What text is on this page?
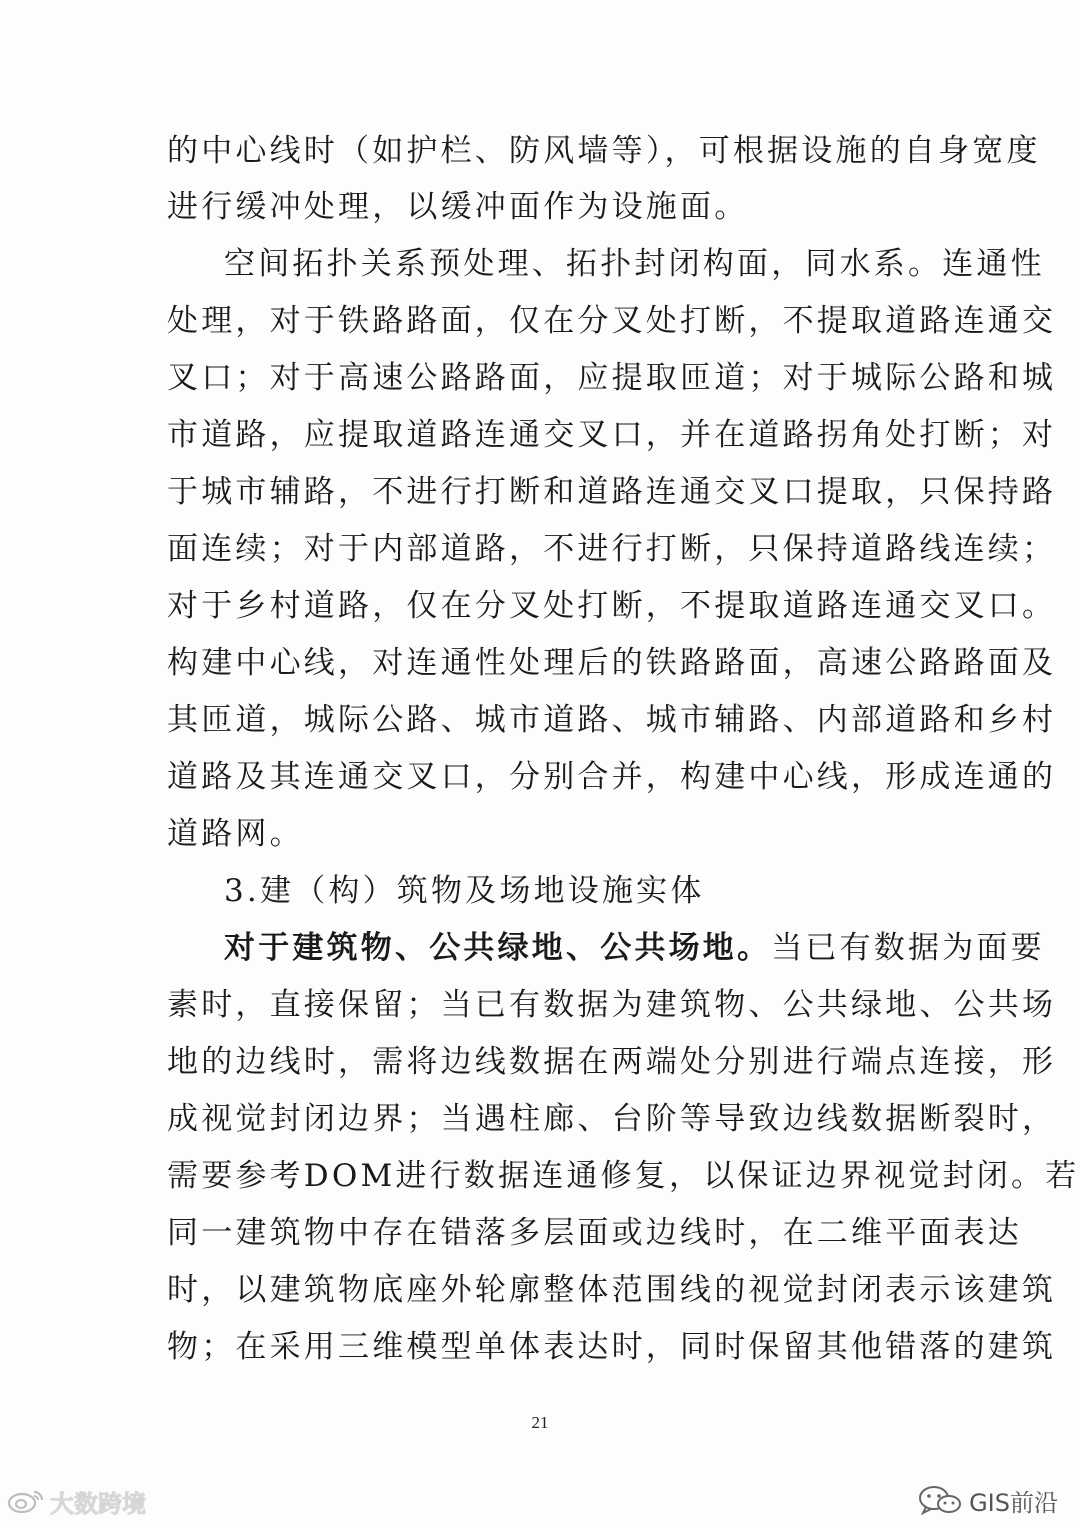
的中心线时（如护栏、防风墙等），可根据设施的自身宽度
进行缓冲处理，以缓冲面作为设施面。
空间拓扑关系预处理、拓扑封闭构面，同水系。连通性
处理，对于铁路路面，仅在分叉处打断，不提取道路连通交
叉口；对于高速公路路面，应提取匝道；对于城际公路和城
市道路，应提取道路连通交叉口，并在道路拐角处打断；对
于城市辅路，不进行打断和道路连通交叉口提取，只保持路
面连续；对于内部道路，不进行打断，只保持道路线连续；
对于乡村道路，仅在分叉处打断，不提取道路连通交叉口。
构建中心线，对连通性处理后的铁路路面，高速公路路面及
其匝道，城际公路、城市道路、城市辅路、内部道路和乡村
道路及其连通交叉口，分别合并，构建中心线，形成连通的
道路网。
3.建（构）筑物及场地设施实体
对于建筑物、公共绿地、公共场地。当已有数据为面要
素时，直接保留；当已有数据为建筑物、公共绿地、公共场
地的边线时，需将边线数据在两端处分别进行端点连接，形
成视觉封闭边界；当遇柱廊、台阶等导致边线数据断裂时，
需要参考DOM进行数据连通修复，以保证边界视觉封闭。若
同一建筑物中存在错落多层面或边线时，在二维平面表达
时，以建筑物底座外轮廓整体范围线的视觉封闭表示该建筑
物；在采用三维模型单体表达时，同时保留其他错落的建筑
21
大数跨境	GIS前沿
